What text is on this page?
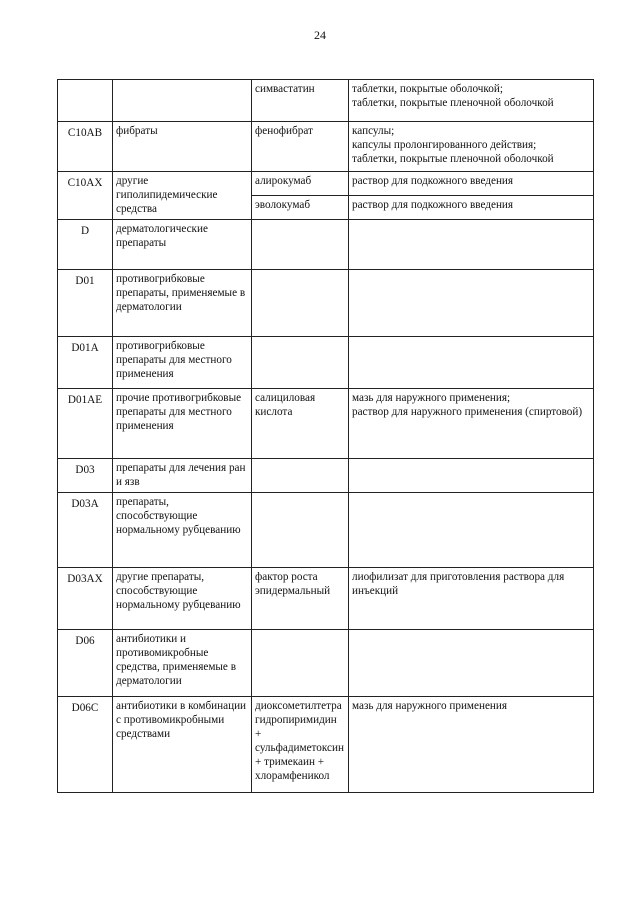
24

		симвастатин	таблетки, покрытые оболочкой;
таблетки, покрытые пленочной оболочкой

C10AB	фибраты	фенофибрат	капсулы;
капсулы пролонгированного действия;
таблетки, покрытые пленочной оболочкой

C10AX	другие гиполипидемические средства	алирокумаб	раствор для подкожного введения

		эволокумаб	раствор для подкожного введения

D	дерматологические препараты		

D01	противогрибковые препараты, применяемые в дерматологии		

D01A	противогрибковые препараты для местного применения		

D01AE	прочие противогрибковые препараты для местного применения	салициловая кислота	мазь для наружного применения;
раствор для наружного применения (спиртовой)

D03	препараты для лечения ран и язв		

D03A	препараты, способствующие нормальному рубцеванию		

D03AX	другие препараты, способствующие нормальному рубцеванию	фактор роста эпидермальный	лиофилизат для приготовления раствора для инъекций

D06	антибиотики и противомикробные средства, применяемые в дерматологии		

D06C	антибиотики в комбинации с противомикробными средствами	диоксометилтетрагидропиримидин + сульфадиметоксин + тримекаин + хлорамфеникол	мазь для наружного применения
